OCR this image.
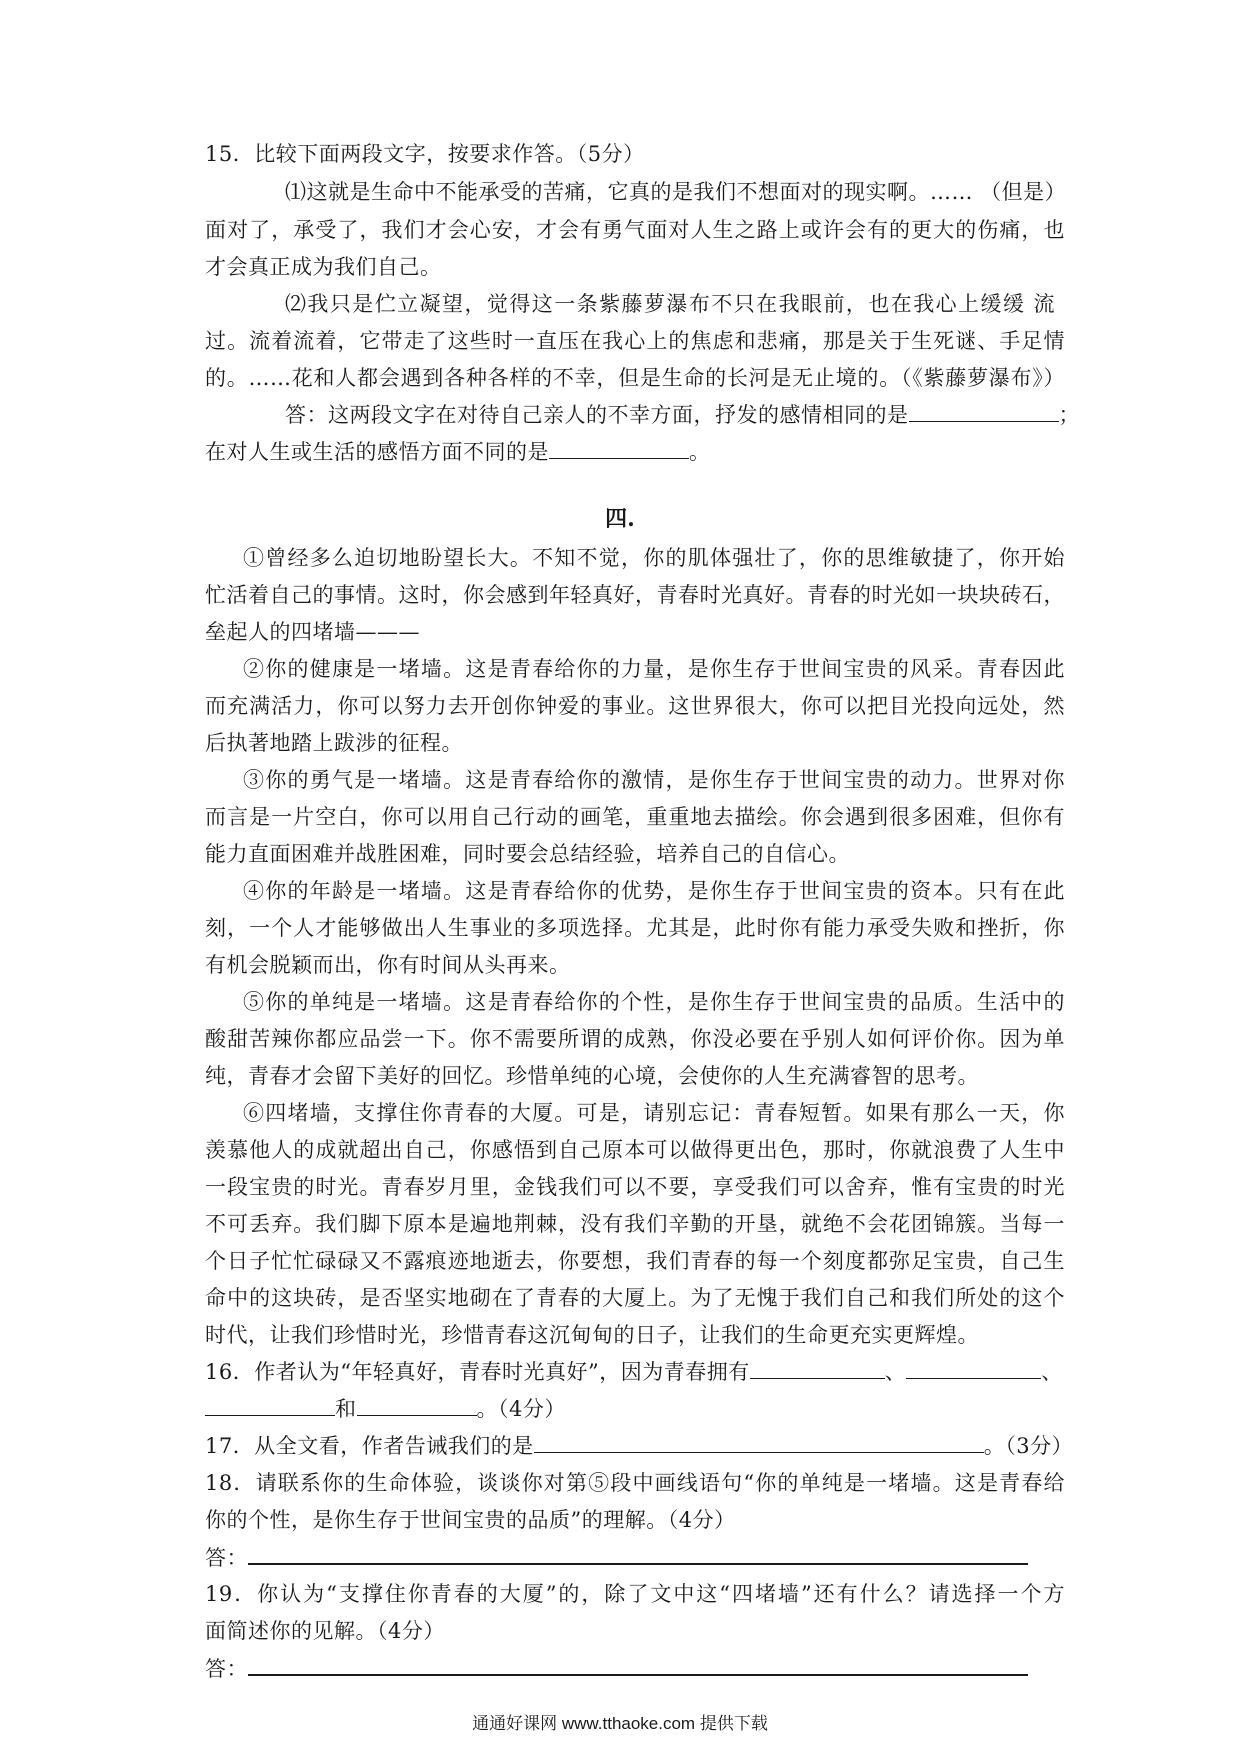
15．比较下面两段文字，按要求作答。（5分）
⑴这就是生命中不能承受的苦痛，它真的是我们不想面对的现实啊。…… （但是）
面对了，承受了，我们才会心安，才会有勇气面对人生之路上或许会有的更大的伤痛，也
才会真正成为我们自己。
⑵我只是伫立凝望，觉得这一条紫藤萝瀑布不只在我眼前，也在我心上缓缓 流
过。流着流着，它带走了这些时一直压在我心上的焦虑和悲痛，那是关于生死谜、手足情
的。……花和人都会遇到各种各样的不幸，但是生命的长河是无止境的。（《紫藤萝瀑布》）
答：这两段文字在对待自己亲人的不幸方面，抒发的感情相同的是	；
在对人生或生活的感悟方面不同的是	。
四.
①曾经多么迫切地盼望长大。不知不觉，你的肌体强壮了，你的思维敏捷了，你开始
忙活着自己的事情。这时，你会感到年轻真好，青春时光真好。青春的时光如一块块砖石，
垒起人的四堵墙———
②你的健康是一堵墙。这是青春给你的力量，是你生存于世间宝贵的风采。青春因此
而充满活力，你可以努力去开创你钟爱的事业。这世界很大，你可以把目光投向远处，然
后执著地踏上跋涉的征程。
③你的勇气是一堵墙。这是青春给你的激情，是你生存于世间宝贵的动力。世界对你
而言是一片空白，你可以用自己行动的画笔，重重地去描绘。你会遇到很多困难，但你有
能力直面困难并战胜困难，同时要会总结经验，培养自己的自信心。
④你的年龄是一堵墙。这是青春给你的优势，是你生存于世间宝贵的资本。只有在此
刻，一个人才能够做出人生事业的多项选择。尤其是，此时你有能力承受失败和挫折，你
有机会脱颖而出，你有时间从头再来。
⑤你的单纯是一堵墙。这是青春给你的个性，是你生存于世间宝贵的品质。生活中的
酸甜苦辣你都应品尝一下。你不需要所谓的成熟，你没必要在乎别人如何评价你。因为单
纯，青春才会留下美好的回忆。珍惜单纯的心境，会使你的人生充满睿智的思考。
⑥四堵墙，支撑住你青春的大厦。可是，请别忘记：青春短暂。如果有那么一天，你
羡慕他人的成就超出自己，你感悟到自己原本可以做得更出色，那时，你就浪费了人生中
一段宝贵的时光。青春岁月里，金钱我们可以不要，享受我们可以舍弃，惟有宝贵的时光
不可丢弃。我们脚下原本是遍地荆棘，没有我们辛勤的开垦，就绝不会花团锦簇。当每一
个日子忙忙碌碌又不露痕迹地逝去，你要想，我们青春的每一个刻度都弥足宝贵，自己生
命中的这块砖，是否坚实地砌在了青春的大厦上。为了无愧于我们自己和我们所处的这个
时代，让我们珍惜时光，珍惜青春这沉甸甸的日子，让我们的生命更充实更辉煌。
16．作者认为“年轻真好，青春时光真好”，因为青春拥有	、	、
和	。（4分）
17．从全文看，作者告诫我们的是	。（3分）
18．请联系你的生命体验，谈谈你对第⑤段中画线语句“你的单纯是一堵墙。这是青春给
你的个性，是你生存于世间宝贵的品质”的理解。（4分）
答：
19．你认为“支撑住你青春的大厦”的，除了文中这“四堵墙”还有什么？请选择一个方
通通好课网 www.tthaoke.com 提供下载
面简述你的见解。（4分）
答：
